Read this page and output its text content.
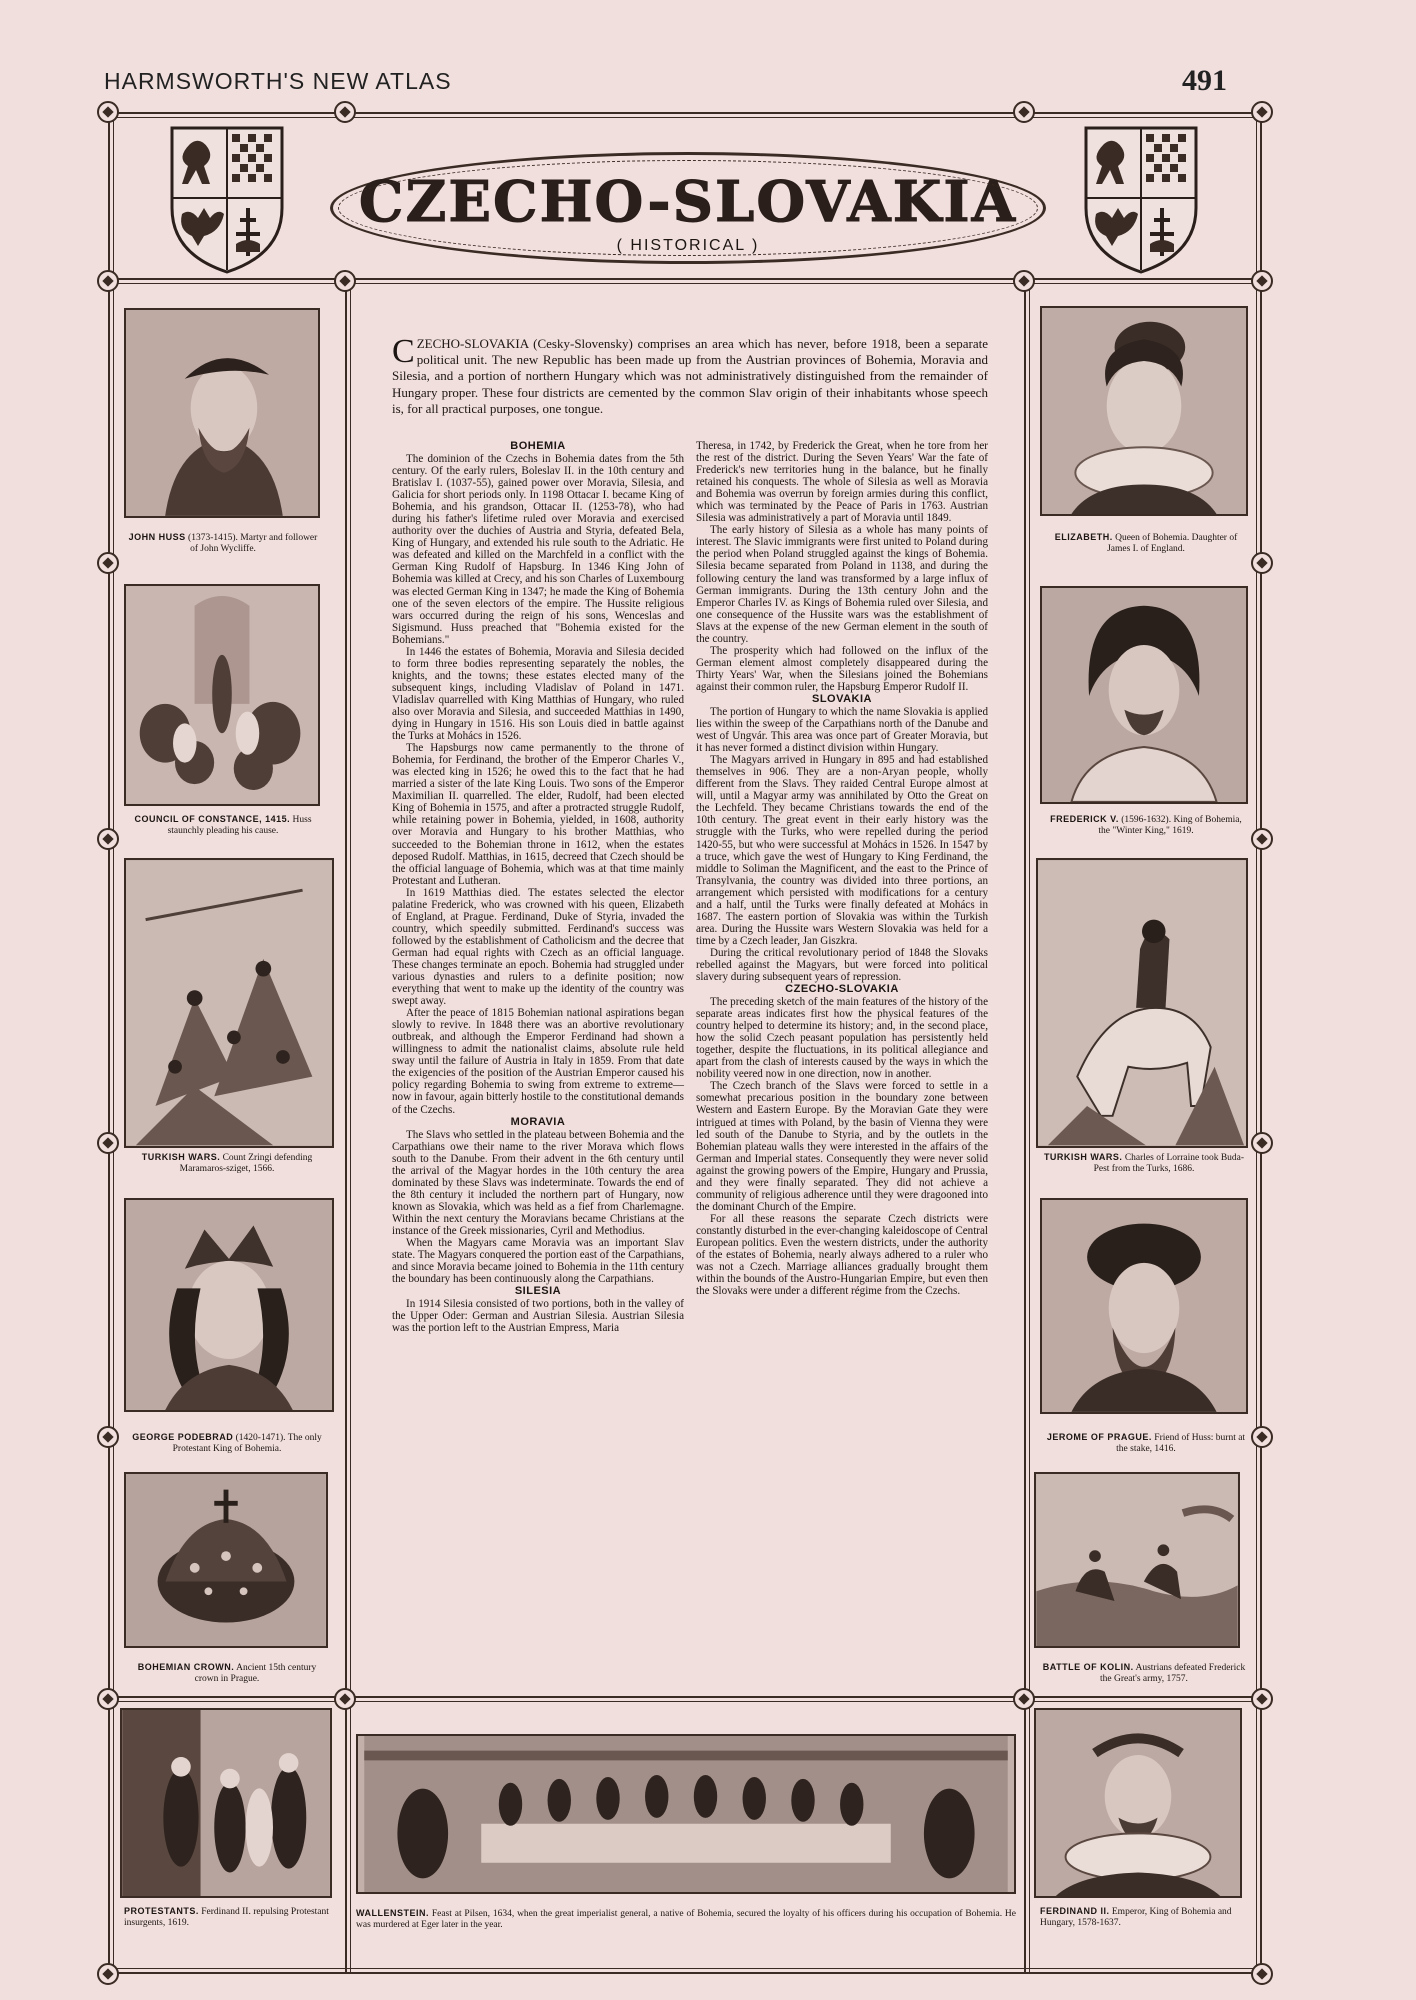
HARMSWORTH'S NEW ATLAS	491
CZECHO-SLOVAKIA
( HISTORICAL )
JOHN HUSS (1373-1415). Martyr and follower of John Wycliffe.
COUNCIL OF CONSTANCE, 1415. Huss staunchly pleading his cause.
TURKISH WARS. Count Zringi defending Maramaros-sziget, 1566.
GEORGE PODEBRAD (1420-1471). The only Protestant King of Bohemia.
BOHEMIAN CROWN. Ancient 15th century crown in Prague.
ELIZABETH. Queen of Bohemia. Daughter of James I. of England.
FREDERICK V. (1596-1632). King of Bohemia, the "Winter King," 1619.
TURKISH WARS. Charles of Lorraine took Buda-Pest from the Turks, 1686.
JEROME OF PRAGUE. Friend of Huss: burnt at the stake, 1416.
BATTLE OF KOLIN. Austrians defeated Frederick the Great's army, 1757.
PROTESTANTS. Ferdinand II. repulsing Protestant insurgents, 1619.
WALLENSTEIN. Feast at Pilsen, 1634, when the great imperialist general, a native of Bohemia, secured the loyalty of his officers during his occupation of Bohemia. He was murdered at Eger later in the year.
FERDINAND II. Emperor, King of Bohemia and Hungary, 1578-1637.
CZECHO-SLOVAKIA (Cesky-Slovensky) comprises an area which has never, before 1918, been a separate political unit. The new Republic has been made up from the Austrian provinces of Bohemia, Moravia and Silesia, and a portion of northern Hungary which was not administratively distinguished from the remainder of Hungary proper. These four districts are cemented by the common Slav origin of their inhabitants whose speech is, for all practical purposes, one tongue.
BOHEMIA

The dominion of the Czechs in Bohemia dates from the 5th century. Of the early rulers, Boleslav II. in the 10th century and Bratislav I. (1037-55), gained power over Moravia, Silesia, and Galicia for short periods only. In 1198 Ottacar I. became King of Bohemia, and his grandson, Ottacar II. (1253-78), who had during his father's lifetime ruled over Moravia and exercised authority over the duchies of Austria and Styria, defeated Bela, King of Hungary, and extended his rule south to the Adriatic. He was defeated and killed on the Marchfeld in a conflict with the German King Rudolf of Hapsburg. In 1346 King John of Bohemia was killed at Crecy, and his son Charles of Luxembourg was elected German King in 1347; he made the King of Bohemia one of the seven electors of the empire. The Hussite religious wars occurred during the reign of his sons, Wenceslas and Sigismund. Huss preached that "Bohemia existed for the Bohemians."

In 1446 the estates of Bohemia, Moravia and Silesia decided to form three bodies representing separately the nobles, the knights, and the towns; these estates elected many of the subsequent kings, including Vladislav of Poland in 1471. Vladislav quarrelled with King Matthias of Hungary, who ruled also over Moravia and Silesia, and succeeded Matthias in 1490, dying in Hungary in 1516. His son Louis died in battle against the Turks at Mohács in 1526.

The Hapsburgs now came permanently to the throne of Bohemia, for Ferdinand, the brother of the Emperor Charles V., was elected king in 1526; he owed this to the fact that he had married a sister of the late King Louis. Two sons of the Emperor Maximilian II. quarrelled. The elder, Rudolf, had been elected King of Bohemia in 1575, and after a protracted struggle Rudolf, while retaining power in Bohemia, yielded, in 1608, authority over Moravia and Hungary to his brother Matthias, who succeeded to the Bohemian throne in 1612, when the estates deposed Rudolf. Matthias, in 1615, decreed that Czech should be the official language of Bohemia, which was at that time mainly Protestant and Lutheran.

In 1619 Matthias died. The estates selected the elector palatine Frederick, who was crowned with his queen, Elizabeth of England, at Prague. Ferdinand, Duke of Styria, invaded the country, which speedily submitted. Ferdinand's success was followed by the establishment of Catholicism and the decree that German had equal rights with Czech as an official language. These changes terminate an epoch. Bohemia had struggled under various dynasties and rulers to a definite position; now everything that went to make up the identity of the country was swept away.

After the peace of 1815 Bohemian national aspirations began slowly to revive. In 1848 there was an abortive revolutionary outbreak, and although the Emperor Ferdinand had shown a willingness to admit the nationalist claims, absolute rule held sway until the failure of Austria in Italy in 1859. From that date the exigencies of the position of the Austrian Emperor caused his policy regarding Bohemia to swing from extreme to extreme—now in favour, again bitterly hostile to the constitutional demands of the Czechs.

MORAVIA

The Slavs who settled in the plateau between Bohemia and the Carpathians owe their name to the river Morava which flows south to the Danube. From their advent in the 6th century until the arrival of the Magyar hordes in the 10th century the area dominated by these Slavs was indeterminate. Towards the end of the 8th century it included the northern part of Hungary, now known as Slovakia, which was held as a fief from Charlemagne. Within the next century the Moravians became Christians at the instance of the Greek missionaries, Cyril and Methodius.

When the Magyars came Moravia was an important Slav state. The Magyars conquered the portion east of the Carpathians, and since Moravia became joined to Bohemia in the 11th century the boundary has been continuously along the Carpathians.

SILESIA

In 1914 Silesia consisted of two portions, both in the valley of the Upper Oder: German and Austrian Silesia. Austrian Silesia was the portion left to the Austrian Empress, Maria

Theresa, in 1742, by Frederick the Great, when he tore from her the rest of the district. During the Seven Years' War the fate of Frederick's new territories hung in the balance, but he finally retained his conquests. The whole of Silesia as well as Moravia and Bohemia was overrun by foreign armies during this conflict, which was terminated by the Peace of Paris in 1763. Austrian Silesia was administratively a part of Moravia until 1849.

The early history of Silesia as a whole has many points of interest. The Slavic immigrants were first united to Poland during the period when Poland struggled against the kings of Bohemia. Silesia became separated from Poland in 1138, and during the following century the land was transformed by a large influx of German immigrants. During the 13th century John and the Emperor Charles IV. as Kings of Bohemia ruled over Silesia, and one consequence of the Hussite wars was the establishment of Slavs at the expense of the new German element in the south of the country.

The prosperity which had followed on the influx of the German element almost completely disappeared during the Thirty Years' War, when the Silesians joined the Bohemians against their common ruler, the Hapsburg Emperor Rudolf II.

SLOVAKIA

The portion of Hungary to which the name Slovakia is applied lies within the sweep of the Carpathians north of the Danube and west of Ungvár. This area was once part of Greater Moravia, but it has never formed a distinct division within Hungary.

The Magyars arrived in Hungary in 895 and had established themselves in 906. They are a non-Aryan people, wholly different from the Slavs. They raided Central Europe almost at will, until a Magyar army was annihilated by Otto the Great on the Lechfeld. They became Christians towards the end of the 10th century. The great event in their early history was the struggle with the Turks, who were repelled during the period 1420-55, but who were successful at Mohács in 1526. In 1547 by a truce, which gave the west of Hungary to King Ferdinand, the middle to Soliman the Magnificent, and the east to the Prince of Transylvania, the country was divided into three portions, an arrangement which persisted with modifications for a century and a half, until the Turks were finally defeated at Mohács in 1687. The eastern portion of Slovakia was within the Turkish area. During the Hussite wars Western Slovakia was held for a time by a Czech leader, Jan Giszkra.

During the critical revolutionary period of 1848 the Slovaks rebelled against the Magyars, but were forced into political slavery during subsequent years of repression.

CZECHO-SLOVAKIA

The preceding sketch of the main features of the history of the separate areas indicates first how the physical features of the country helped to determine its history; and, in the second place, how the solid Czech peasant population has persistently held together, despite the fluctuations, in its political allegiance and apart from the clash of interests caused by the ways in which the nobility veered now in one direction, now in another.

The Czech branch of the Slavs were forced to settle in a somewhat precarious position in the boundary zone between Western and Eastern Europe. By the Moravian Gate they were intrigued at times with Poland, by the basin of Vienna they were led south of the Danube to Styria, and by the outlets in the Bohemian plateau walls they were interested in the affairs of the German and Imperial states. Consequently they were never solid against the growing powers of the Empire, Hungary and Prussia, and they were finally separated. They did not achieve a community of religious adherence until they were dragooned into the dominant Church of the Empire.

For all these reasons the separate Czech districts were constantly disturbed in the ever-changing kaleidoscope of Central European politics. Even the western districts, under the authority of the estates of Bohemia, nearly always adhered to a ruler who was not a Czech. Marriage alliances gradually brought them within the bounds of the Austro-Hungarian Empire, but even then the Slovaks were under a different régime from the Czechs.
